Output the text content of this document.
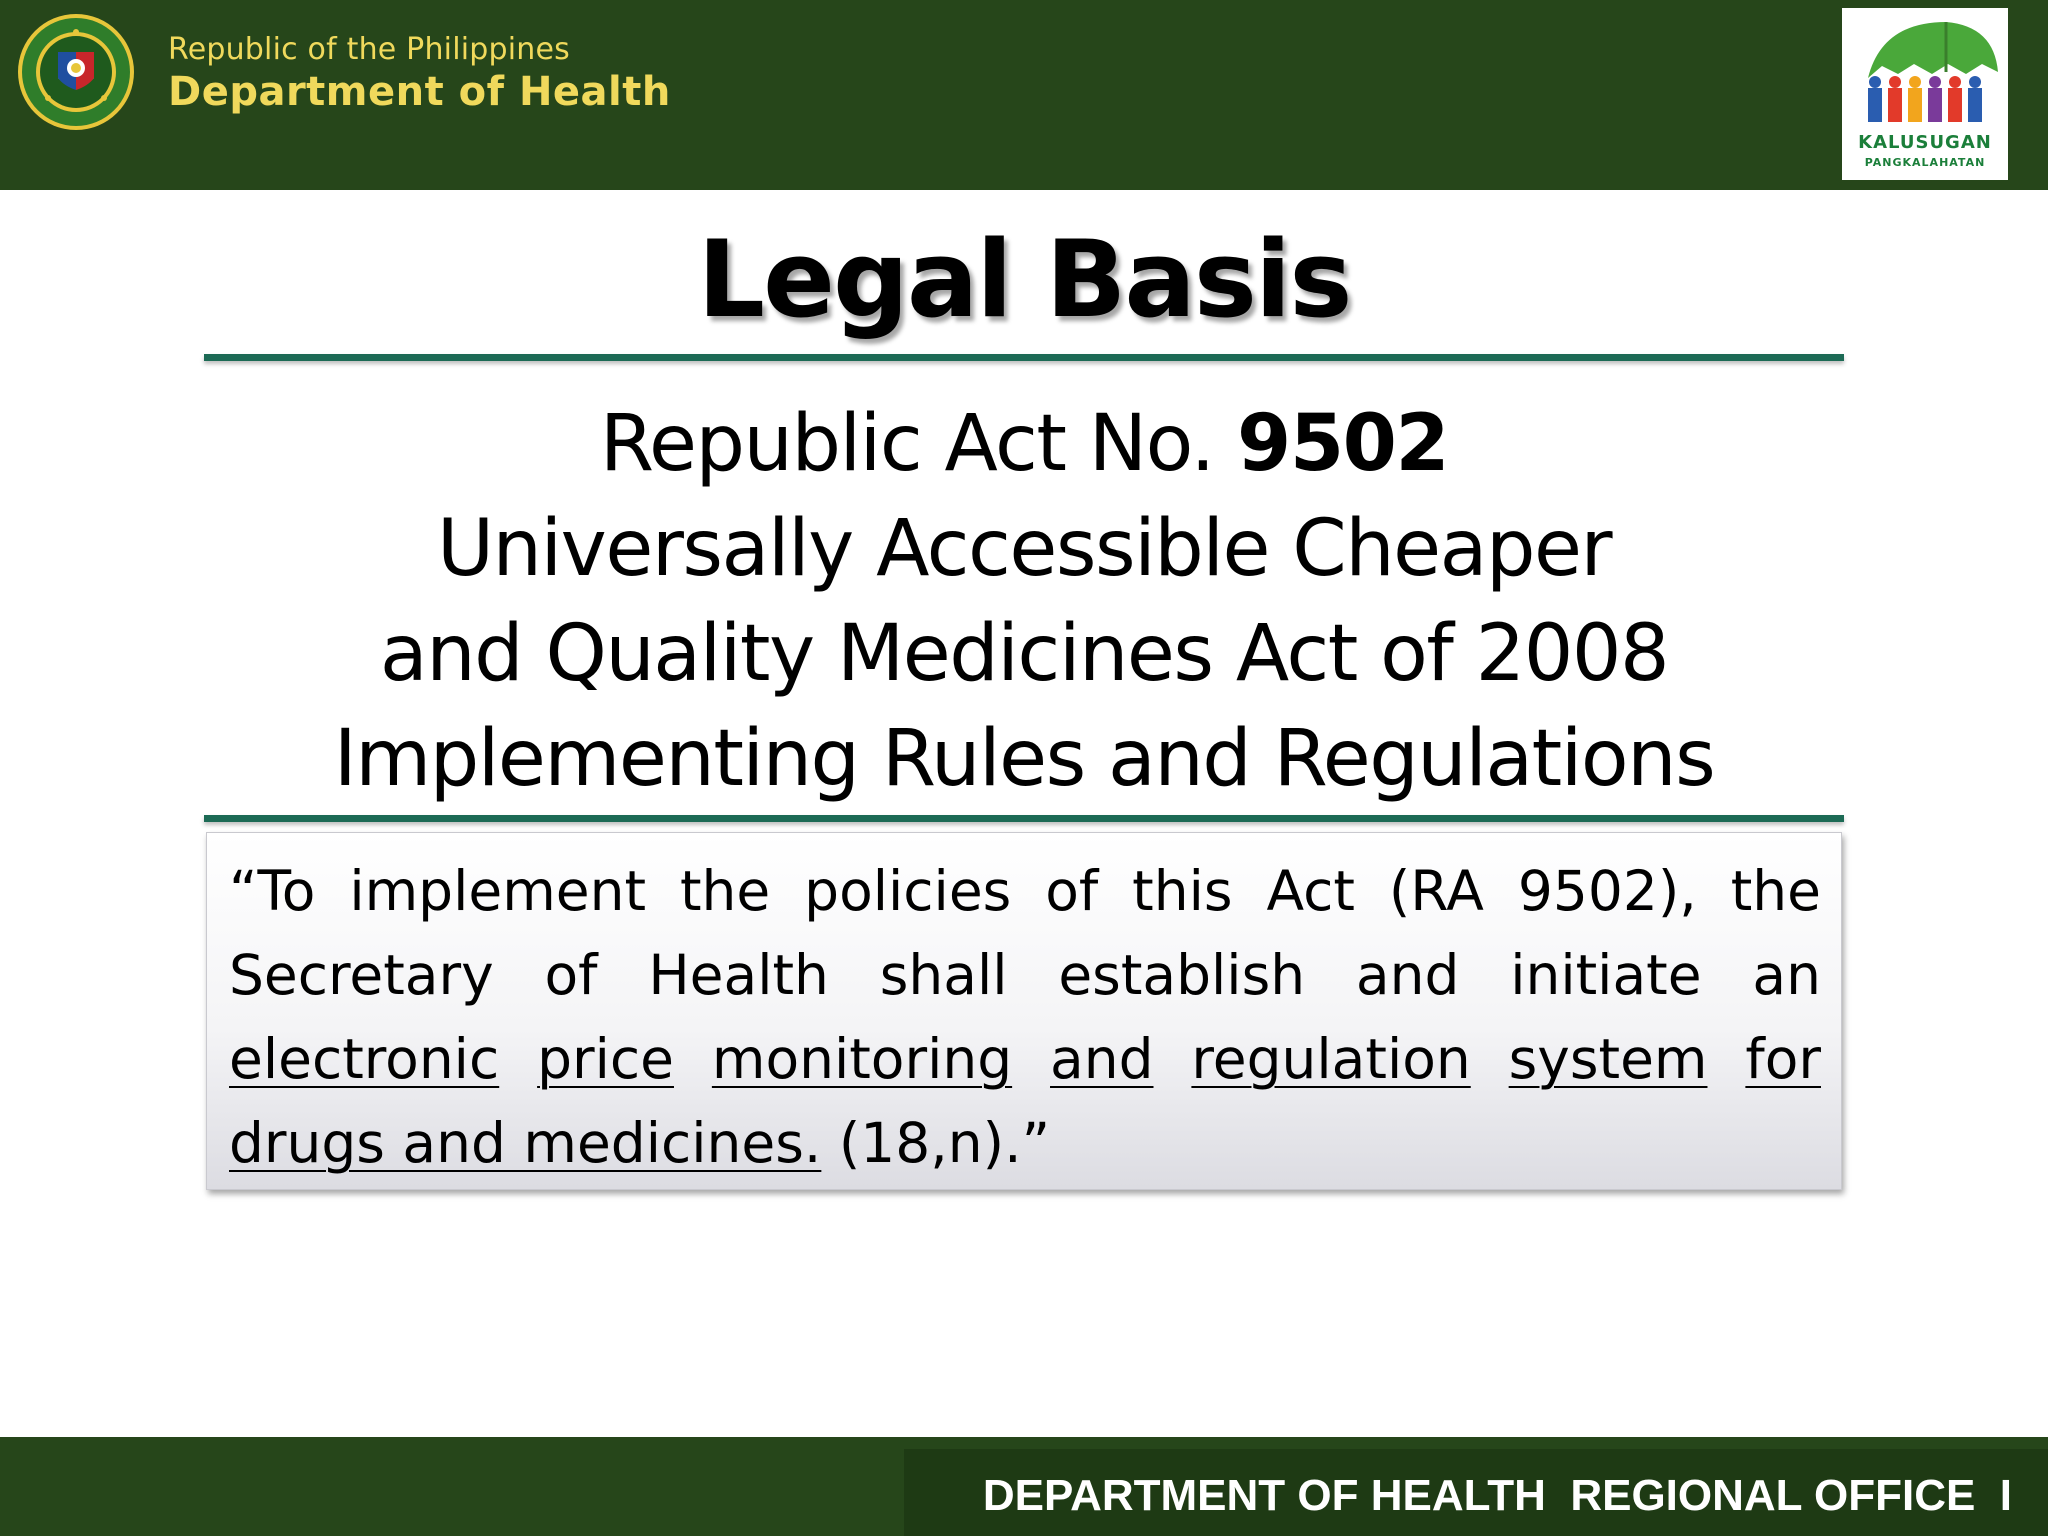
Republic of the Philippines
Department of Health
KALUSUGAN
PANGKALAHATAN
Legal Basis
Republic Act No. 9502
Universally Accessible Cheaper
and Quality Medicines Act of 2008
Implementing Rules and Regulations
“To implement the policies of this Act (RA 9502), the
Secretary of Health shall establish and initiate an
electronic price monitoring and regulation system for
drugs and medicines. (18,n).”
DEPARTMENT OF HEALTH  REGIONAL OFFICE  I
